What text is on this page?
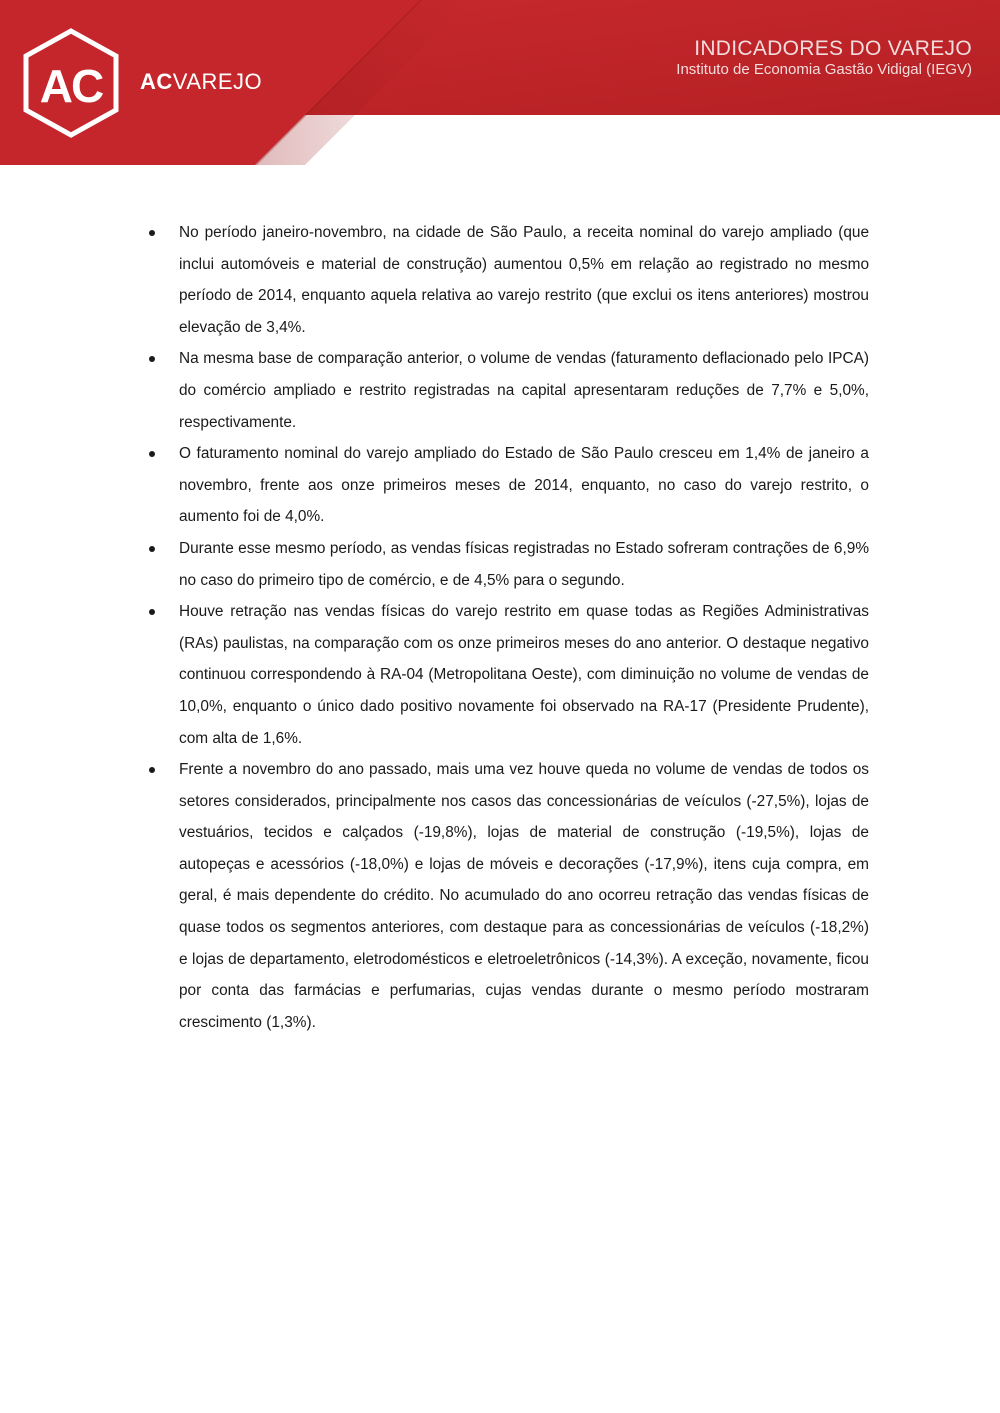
AC ACVAREJO
INDICADORES DO VAREJO
Instituto de Economia Gastão Vidigal (IEGV)
No período janeiro-novembro, na cidade de São Paulo, a receita nominal do varejo ampliado (que inclui automóveis e material de construção) aumentou 0,5% em relação ao registrado no mesmo período de 2014, enquanto aquela relativa ao varejo restrito (que exclui os itens anteriores) mostrou elevação de 3,4%.
Na mesma base de comparação anterior, o volume de vendas (faturamento deflacionado pelo IPCA) do comércio ampliado e restrito registradas na capital apresentaram reduções de 7,7% e 5,0%, respectivamente.
O faturamento nominal do varejo ampliado do Estado de São Paulo cresceu em 1,4% de janeiro a novembro, frente aos onze primeiros meses de 2014, enquanto, no caso do varejo restrito, o aumento foi de 4,0%.
Durante esse mesmo período, as vendas físicas registradas no Estado sofreram contrações de 6,9% no caso do primeiro tipo de comércio, e de 4,5% para o segundo.
Houve retração nas vendas físicas do varejo restrito em quase todas as Regiões Administrativas (RAs) paulistas, na comparação com os onze primeiros meses do ano anterior. O destaque negativo continuou correspondendo à RA-04 (Metropolitana Oeste), com diminuição no volume de vendas de 10,0%, enquanto o único dado positivo novamente foi observado na RA-17 (Presidente Prudente), com alta de 1,6%.
Frente a novembro do ano passado, mais uma vez houve queda no volume de vendas de todos os setores considerados, principalmente nos casos das concessionárias de veículos (-27,5%), lojas de vestuários, tecidos e calçados (-19,8%), lojas de material de construção (-19,5%), lojas de autopeças e acessórios (-18,0%) e lojas de móveis e decorações (-17,9%), itens cuja compra, em geral, é mais dependente do crédito. No acumulado do ano ocorreu retração das vendas físicas de quase todos os segmentos anteriores, com destaque para as concessionárias de veículos (-18,2%) e lojas de departamento, eletrodomésticos e eletroeletrônicos (-14,3%). A exceção, novamente, ficou por conta das farmácias e perfumarias, cujas vendas durante o mesmo período mostraram crescimento (1,3%).
